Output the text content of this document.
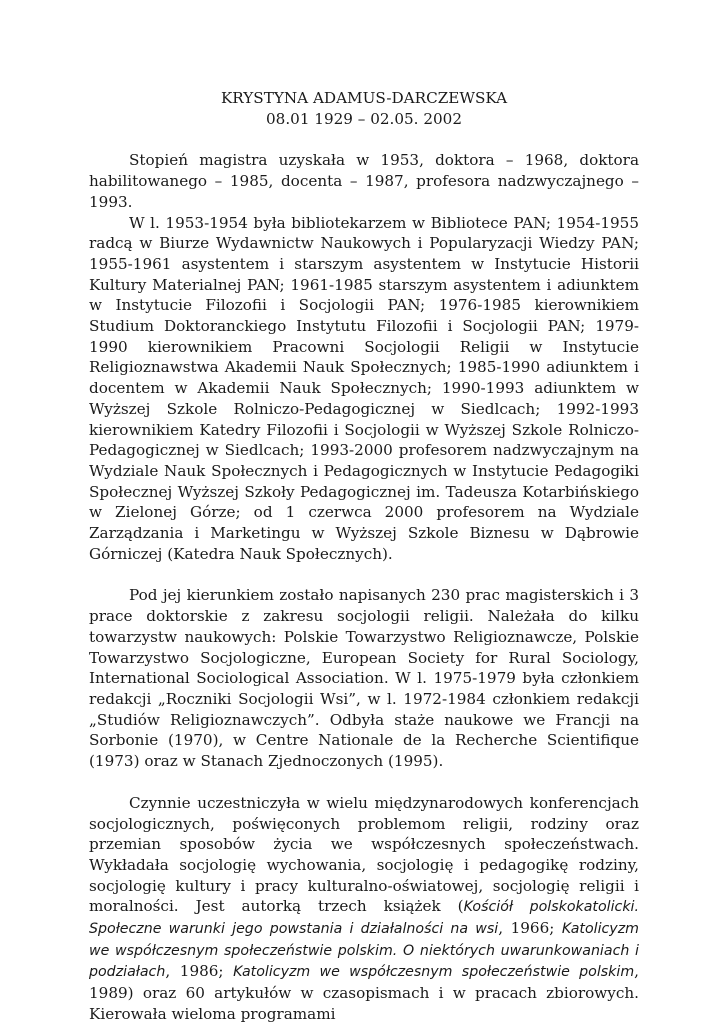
KRYSTYNA ADAMUS-DARCZEWSKA

08.01 1929 – 02.05. 2002

Stopień magistra uzyskała w 1953, doktora – 1968, doktora habilitowanego – 1985, docenta – 1987, profesora nadzwyczajnego – 1993.

W l. 1953-1954 była bibliotekarzem w Bibliotece PAN; 1954-1955 radcą w Biurze Wydawnictw Naukowych i Popularyzacji Wiedzy PAN; 1955-1961 asystentem i starszym asystentem w Instytucie Historii Kultury Materialnej PAN; 1961-1985 starszym asystentem i adiunktem w Instytucie Filozofii i Socjologii PAN; 1976-1985 kierownikiem Studium Doktoranckiego Instytutu Filozofii i Socjologii PAN; 1979-1990 kierownikiem Pracowni Socjologii Religii w Instytucie Religioznawstwa Akademii Nauk Społecznych; 1985-1990 adiunktem i docentem w Akademii Nauk Społecznych; 1990-1993 adiunktem w Wyższej Szkole Rolniczo-Pedagogicznej w Siedlcach; 1992-1993 kierownikiem Katedry Filozofii i Socjologii w Wyższej Szkole Rolniczo-Pedagogicznej w Siedlcach; 1993-2000 profesorem nadzwyczajnym na Wydziale Nauk Społecznych i Pedagogicznych w Instytucie Pedagogiki Społecznej Wyższej Szkoły Pedagogicznej im. Tadeusza Kotarbińskiego w Zielonej Górze; od 1 czerwca 2000 profesorem na Wydziale Zarządzania i Marketingu w Wyższej Szkole Biznesu w Dąbrowie Górniczej (Katedra Nauk Społecznych).

Pod jej kierunkiem zostało napisanych 230 prac magisterskich i 3 prace doktorskie z zakresu socjologii religii. Należała do kilku towarzystw naukowych: Polskie Towarzystwo Religioznawcze, Polskie Towarzystwo Socjologiczne, European Society for Rural Sociology, International Sociological Association. W l. 1975-1979 była członkiem redakcji „Roczniki Socjologii Wsi”, w l. 1972-1984 członkiem redakcji „Studiów Religioznawczych”. Odbyła staże naukowe we Francji na Sorbonie (1970), w Centre Nationale de la Recherche Scientifique (1973) oraz w Stanach Zjednoczonych (1995).

Czynnie uczestniczyła w wielu międzynarodowych konferencjach socjologicznych, poświęconych problemom religii, rodziny oraz przemian sposobów życia we współczesnych społeczeństwach. Wykładała socjologię wychowania, socjologię i pedagogikę rodziny, socjologię kultury i pracy kulturalno-oświatowej, socjologię religii i moralności. Jest autorką trzech książek (Kościół polskokatolicki. Społeczne warunki jego powstania i działalności na wsi, 1966; Katolicyzm we współczesnym społeczeństwie polskim. O niektórych uwarunkowaniach i podziałach, 1986; Katolicyzm we współczesnym społeczeństwie polskim, 1989) oraz 60 artykułów w czasopismach i w pracach zbiorowych. Kierowała wieloma programami
